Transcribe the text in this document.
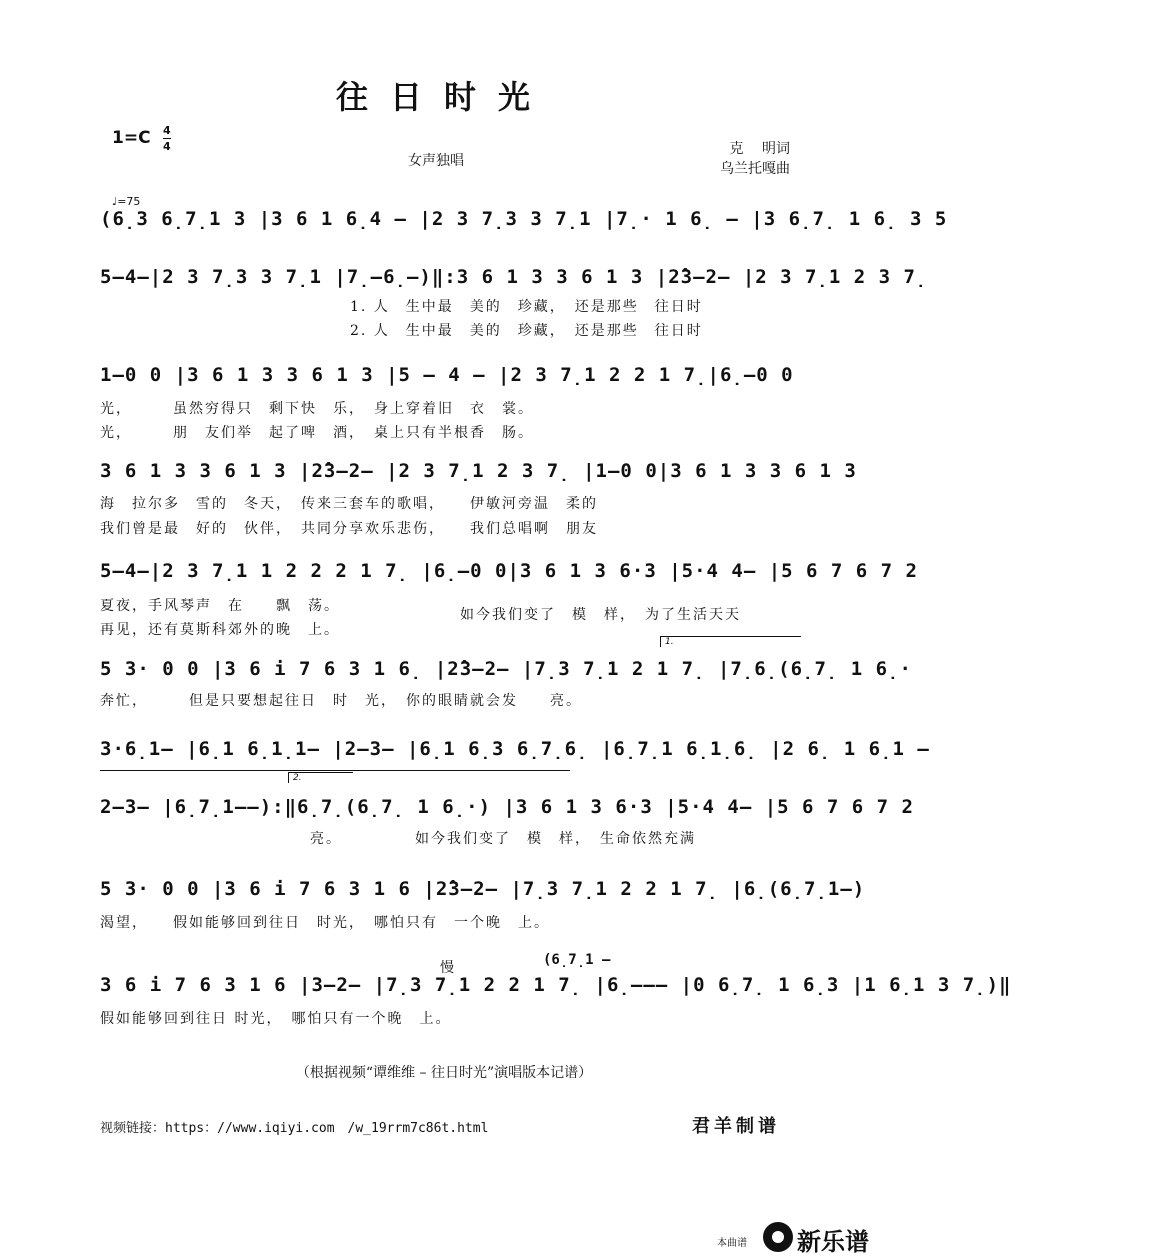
往日时光
1=C 4
4
女声独唱
克　 明词
乌兰托嘎曲
♩=75
(6̣3 6̣7̣1 3 |3 6 1 6̣4 – |2 3 7̣3 3 7̣1 |7̣· 1 6̣ – |3 6̣7̣ 1 6̣ 3 5
5–4–|2 3 7̣3 3 7̣1 |7̣–6̣–)‖:3 6 1 3 3 6 1 3 |2̂3–2– |2 3 7̣1 2 3 7̣
1. 人　生中最　美的　珍藏，　还是那些　往日时
2. 人　生中最　美的　珍藏，　还是那些　往日时
1–0 0 |3 6 1 3 3 6 1 3 |5 – 4 – |2 3 7̣1 2 2 1 7̣|6̣–0 0
光，　　　虽然穷得只　剩下快　乐，　身上穿着旧　衣　裳。
光，　　　朋　友们举　起了啤　酒，　桌上只有半根香　肠。
3 6 1 3 3 6 1 3 |2̂3–2– |2 3 7̣1 2 3 7̣ |1–0 0|3 6 1 3 3 6 1 3
海　拉尔多　雪的　冬天，　传来三套车的歌唱，　　伊敏河旁温　柔的
我们曾是最　好的　伙伴，　共同分享欢乐悲伤，　　我们总唱啊　朋友
5–4–|2 3 7̣1 1 2 2 2 1 7̣ |6̣–0 0|3 6 1 3 6·3 |5·4 4– |5 6 7 6 7 2
夏夜，手风琴声　在　　飘　荡。
再见，还有莫斯科郊外的晚　上。
如今我们变了　模　样，　为了生活天天
1.
5 3· 0 0 |3 6 i 7 6 3 1 6̣ |2̂3–2– |7̣3 7̣1 2 1 7̣ |7̣6̣(6̣7̣ 1 6̣·
奔忙，　　　但是只要想起往日　时　光，　你的眼睛就会发　　亮。
3·6̣1– |6̣1 6̣1̣1– |2–3– |6̣1 6̣3 6̣7̣6̣ |6̣7̣1 6̣1̣6̣ |2 6̣ 1 6̣1 –
2.
2–3– |6̣7̣1––):‖6̣7̣(6̣7̣ 1 6̣·) |3 6 1 3 6·3 |5·4 4– |5 6 7 6 7 2
亮。　　　　　如今我们变了　模　样，　生命依然充满
5 3· 0 0 |3 6 i 7 6 3 1 6 |2̂3–2– |7̣3 7̣1 2 2 1 7̣ |6̣(6̣7̣1–)
渴望，　　假如能够回到往日　时光，　哪怕只有　一个晚　上。
慢	(6̣7̣1 –
3 6 i 7 6 3 1 6 |3–2– |7̣3 7̣1 2 2 1 7̣ |6̣––– |0 6̣7̣ 1 6̣3 |1 6̣1 3 7̣)‖
假如能够回到往日 时光，　哪怕只有一个晚　上。
（根据视频“谭维维 – 往日时光”演唱版本记谱）
视频链接：https：//www.iqiyi.com　/w_19rrm7c86t.html	君羊制谱
本曲谱 新乐谱
